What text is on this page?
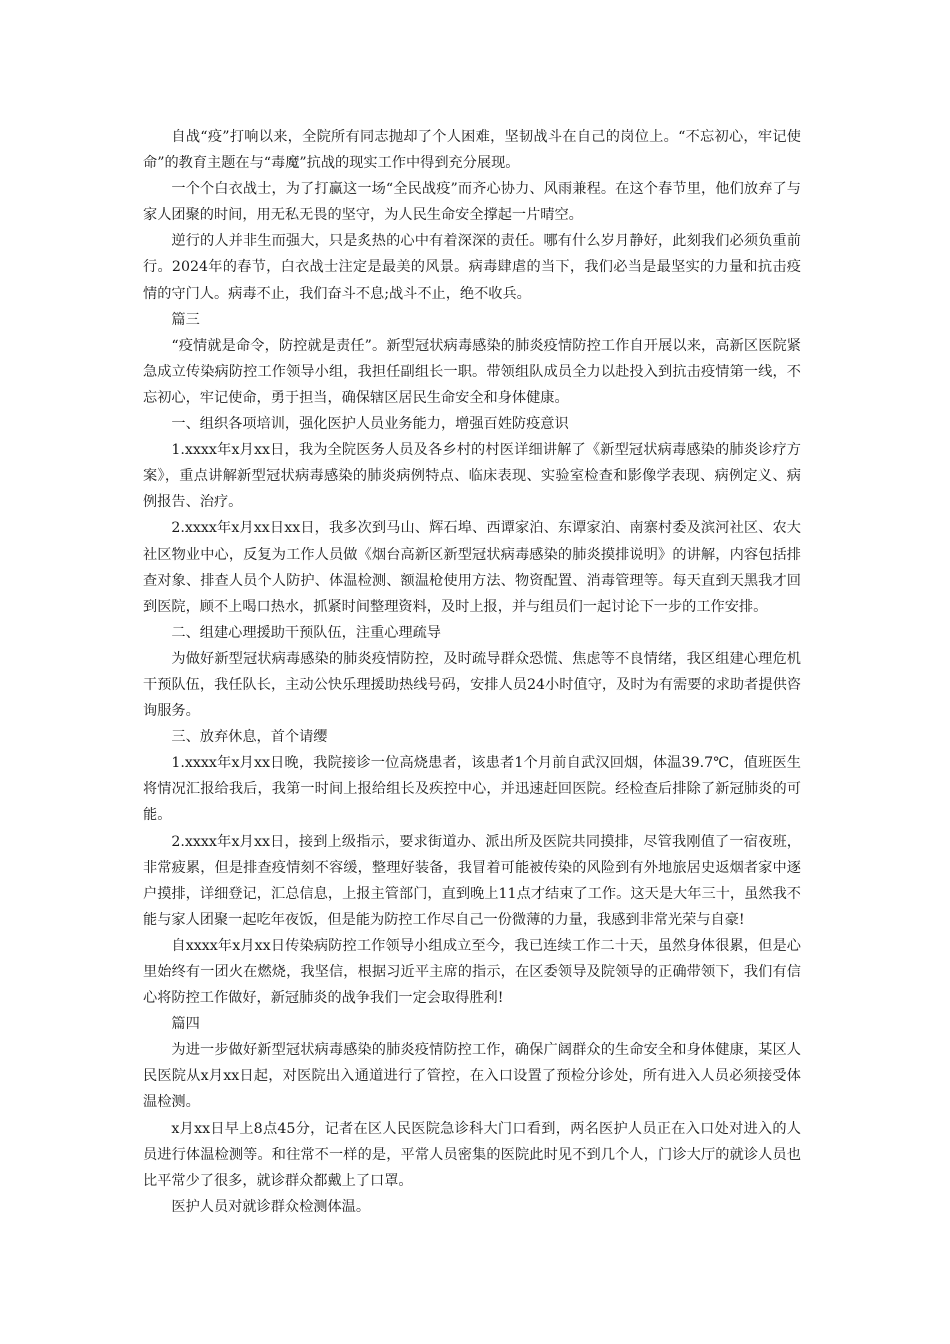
自战“疫”打响以来，全院所有同志抛却了个人困难，坚韧战斗在自己的岗位上。“不忘初心，牢记使命”的教育主题在与“毒魔”抗战的现实工作中得到充分展现。

一个个白衣战士，为了打赢这一场“全民战疫”而齐心协力、风雨兼程。在这个春节里，他们放弃了与家人团聚的时间，用无私无畏的坚守，为人民生命安全撑起一片晴空。

逆行的人并非生而强大，只是炙热的心中有着深深的责任。哪有什么岁月静好，此刻我们必须负重前行。2024年的春节，白衣战士注定是最美的风景。病毒肆虐的当下，我们必当是最坚实的力量和抗击疫情的守门人。病毒不止，我们奋斗不息;战斗不止，绝不收兵。

篇三

“疫情就是命令，防控就是责任”。新型冠状病毒感染的肺炎疫情防控工作自开展以来，高新区医院紧急成立传染病防控工作领导小组，我担任副组长一职。带领组队成员全力以赴投入到抗击疫情第一线，不忘初心，牢记使命，勇于担当，确保辖区居民生命安全和身体健康。

一、组织各项培训，强化医护人员业务能力，增强百姓防疫意识

1.xxxx年x月xx日，我为全院医务人员及各乡村的村医详细讲解了《新型冠状病毒感染的肺炎诊疗方案》，重点讲解新型冠状病毒感染的肺炎病例特点、临床表现、实验室检查和影像学表现、病例定义、病例报告、治疗。

2.xxxx年x月xx日xx日，我多次到马山、辉石埠、西谭家泊、东谭家泊、南寨村委及滨河社区、农大社区物业中心，反复为工作人员做《烟台高新区新型冠状病毒感染的肺炎摸排说明》的讲解，内容包括排查对象、排查人员个人防护、体温检测、额温枪使用方法、物资配置、消毒管理等。每天直到天黑我才回到医院，顾不上喝口热水，抓紧时间整理资料，及时上报，并与组员们一起讨论下一步的工作安排。

二、组建心理援助干预队伍，注重心理疏导

为做好新型冠状病毒感染的肺炎疫情防控，及时疏导群众恐慌、焦虑等不良情绪，我区组建心理危机干预队伍，我任队长，主动公快乐理援助热线号码，安排人员24小时值守，及时为有需要的求助者提供咨询服务。

三、放弃休息，首个请缨

1.xxxx年x月xx日晚，我院接诊一位高烧患者，该患者1个月前自武汉回烟，体温39.7℃，值班医生将情况汇报给我后，我第一时间上报给组长及疾控中心，并迅速赶回医院。经检查后排除了新冠肺炎的可能。

2.xxxx年x月xx日，接到上级指示，要求街道办、派出所及医院共同摸排，尽管我刚值了一宿夜班，非常疲累，但是排查疫情刻不容缓，整理好装备，我冒着可能被传染的风险到有外地旅居史返烟者家中逐户摸排，详细登记，汇总信息，上报主管部门，直到晚上11点才结束了工作。这天是大年三十，虽然我不能与家人团聚一起吃年夜饭，但是能为防控工作尽自己一份微薄的力量，我感到非常光荣与自豪!

自xxxx年x月xx日传染病防控工作领导小组成立至今，我已连续工作二十天，虽然身体很累，但是心里始终有一团火在燃烧，我坚信，根据习近平主席的指示，在区委领导及院领导的正确带领下，我们有信心将防控工作做好，新冠肺炎的战争我们一定会取得胜利!

篇四

为进一步做好新型冠状病毒感染的肺炎疫情防控工作，确保广阔群众的生命安全和身体健康，某区人民医院从x月xx日起，对医院出入通道进行了管控，在入口设置了预检分诊处，所有进入人员必须接受体温检测。

x月xx日早上8点45分，记者在区人民医院急诊科大门口看到，两名医护人员正在入口处对进入的人员进行体温检测等。和往常不一样的是，平常人员密集的医院此时见不到几个人，门诊大厅的就诊人员也比平常少了很多，就诊群众都戴上了口罩。

医护人员对就诊群众检测体温。
